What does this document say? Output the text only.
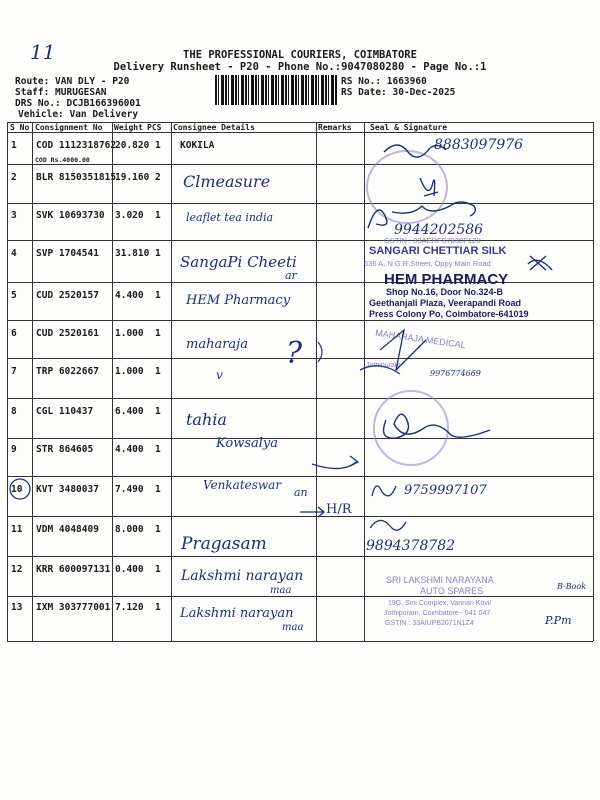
11	THE PROFESSIONAL COURIERS, COIMBATORE
Delivery Runsheet - P20 - Phone No.:9047080280 - Page No.:1
Route: VAN DLY - P20
Staff: MURUGESAN
DRS No.: DCJB166396001
Vehicle: Van Delivery
RS No.: 1663960
RS Date: 30-Dec-2025
S No Consignment No Weight PCS Consignee Details	Remarks Seal & Signature
1 COD 1112318762
20.820 1 KOKILA
2 BLR 8150351815
19.160 2
3 SVK 10693730 3.020 1
4 SVP 1704541 31.810 1
5 CUD 2520157 4.400 1
6 CUD 2520161 1.000 1
7 TRP 6022667 1.000 1
8 CGL 110437 6.400 1
9 STR 864605 4.400 1
10 KVT 3480037 7.490 1
11 VDM 4048409 8.000 1
12 KRR 600097131 0.400 1
13 IXM 303777001 7.120 1
COD Rs.4000.00
Clmeasure
leaflet tea india
SangaPi Cheeti
ar
HEM Pharmacy
maharaja ?
v
tahia
Kowsalya
Venkateswar
an
H/R
Pragasam
Lakshmi narayan
maa
Lakshmi narayan
maa
GSTIN : 33AERFS7830F1Z0
SANGARI CHETTIAR SILK
636 A, N.G.R.Street, Oppy Main Road
HEM PHARMACY
Shop No.16, Door No.324-B
Geethanjali Plaza, Veerapandi Road
Press Colony Po, Coimbatore-641019
MAHARAJA MEDICAL
Jothipuram
SRI LAKSHMI NARAYANA
AUTO SPARES
19G, Sini Complex, Vannan Kovil
Jothipuram, Coimbatore - 641 047
GSTIN : 33AIUPB2071N1Z4
8883097976
9944202586
9976774669
9759997107
9894378782
B-Book
P.Pm
